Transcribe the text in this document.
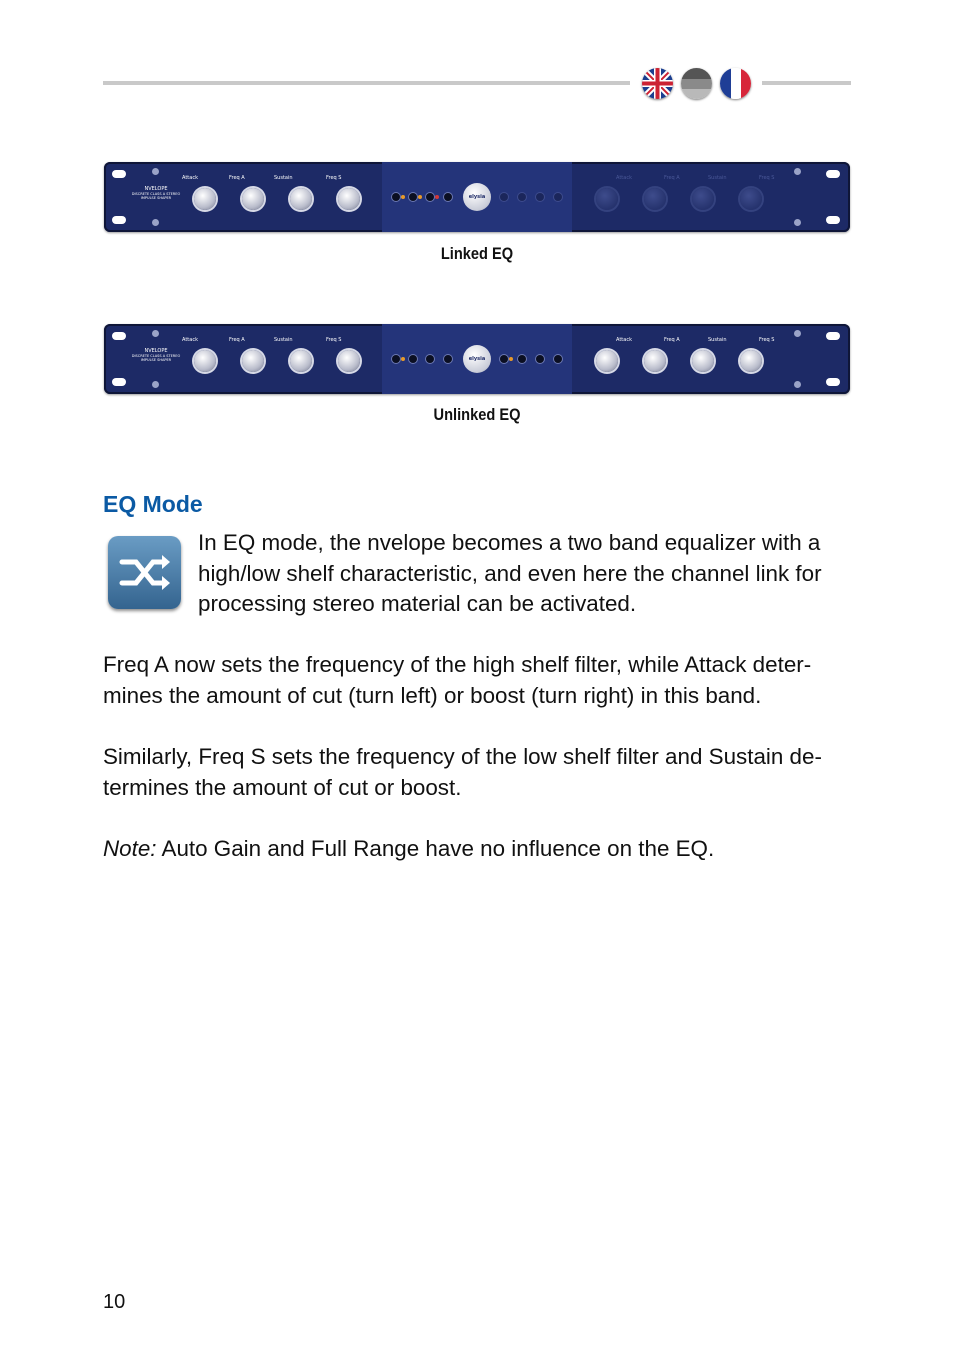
NVELOPE
DISCRETE CLASS A STEREO IMPULSE SHAPER
Attack	Freq A	Sustain	Freq S
elysia
Attack	Freq A	Sustain	Freq S
Linked EQ
NVELOPE
DISCRETE CLASS A STEREO IMPULSE SHAPER
Attack	Freq A	Sustain	Freq S
elysia
Attack	Freq A	Sustain	Freq S
Unlinked EQ
EQ Mode
In EQ mode, the nvelope becomes a two band equalizer with a high/low shelf characteristic, and even here the channel link for processing stereo material can be activated.
Freq A now sets the frequency of the high shelf filter, while Attack deter-mines the amount of cut (turn left) or boost (turn right) in this band.
Similarly, Freq S sets the frequency of the low shelf filter and Sustain de-termines the amount of cut or boost.
Note: Auto Gain and Full Range have no influence on the EQ.
10
